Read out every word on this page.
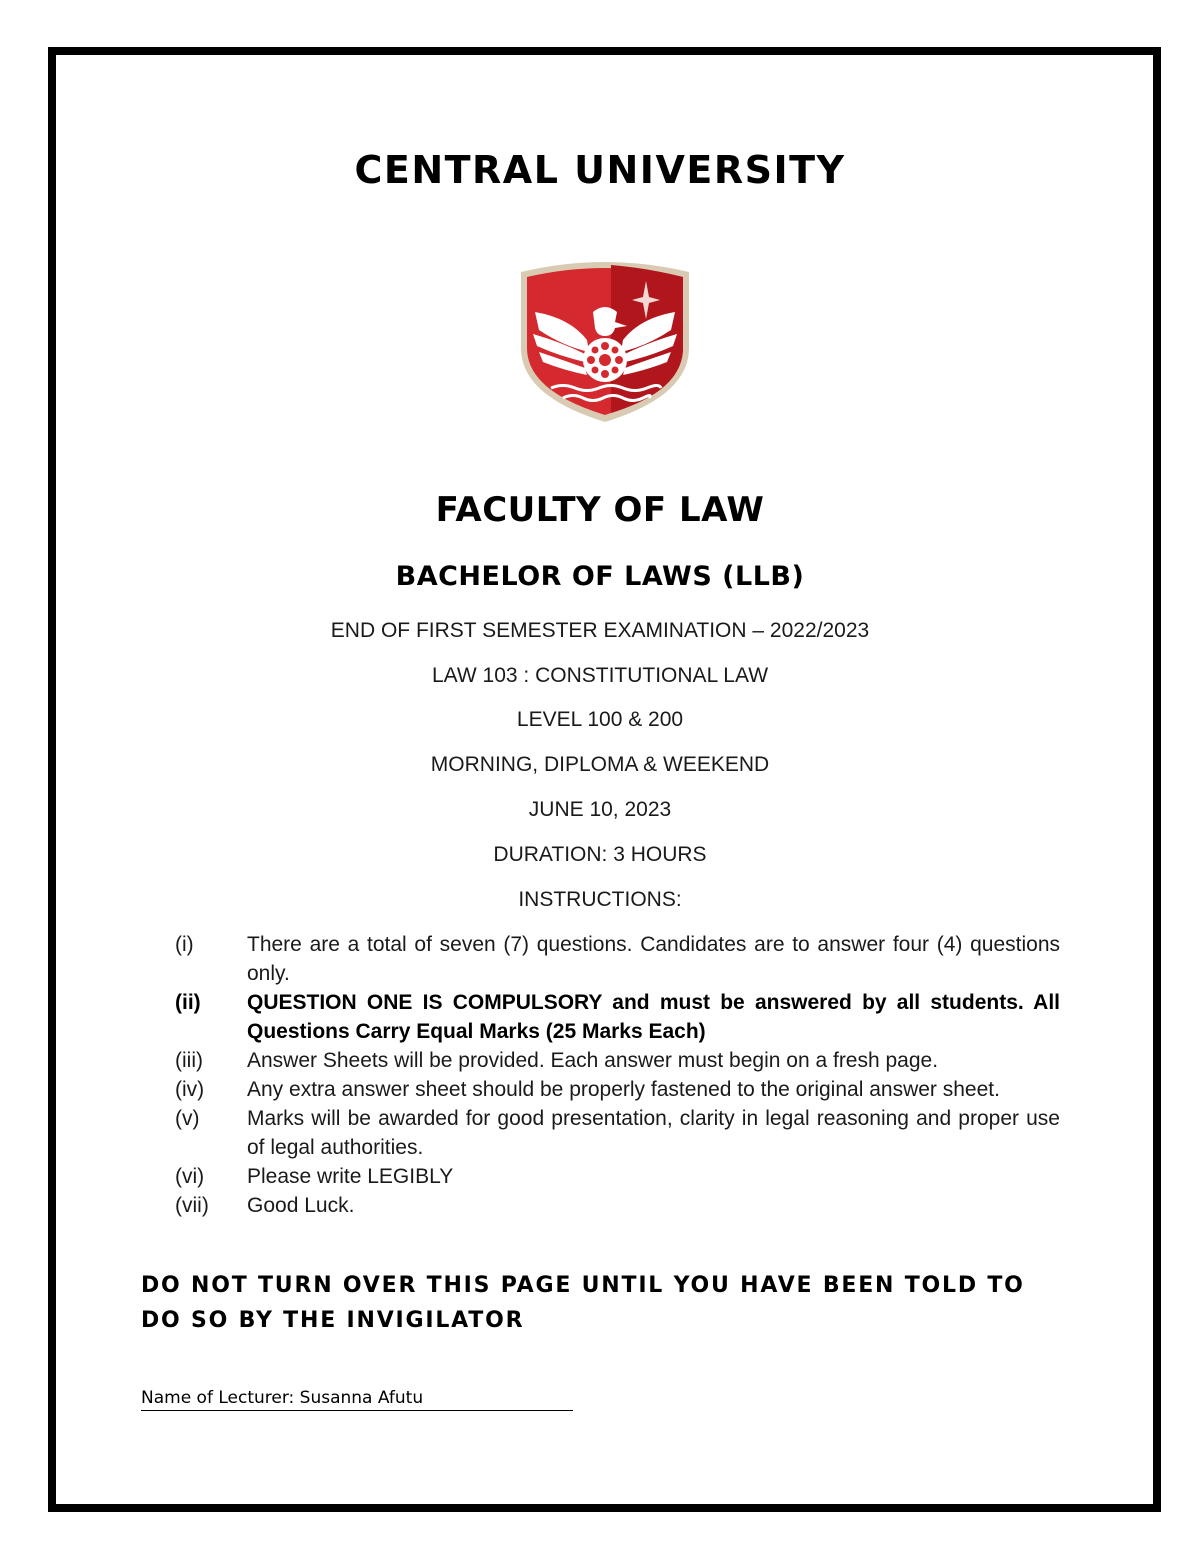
CENTRAL UNIVERSITY
FACULTY OF LAW
BACHELOR OF LAWS (LLB)
END OF FIRST SEMESTER EXAMINATION – 2022/2023
LAW 103 : CONSTITUTIONAL LAW
LEVEL 100 & 200
MORNING, DIPLOMA & WEEKEND
JUNE 10, 2023
DURATION: 3 HOURS
INSTRUCTIONS:
(i)	There are a total of seven (7) questions. Candidates are to answer four (4) questions only.
(ii)	QUESTION ONE IS COMPULSORY and must be answered by all students. All Questions Carry Equal Marks (25 Marks Each)
(iii)	Answer Sheets will be provided. Each answer must begin on a fresh page.
(iv)	Any extra answer sheet should be properly fastened to the original answer sheet.
(v)	Marks will be awarded for good presentation, clarity in legal reasoning and proper use of legal authorities.
(vi)	Please write LEGIBLY
(vii)	Good Luck.
DO NOT TURN OVER THIS PAGE UNTIL YOU HAVE BEEN TOLD TO DO SO BY THE INVIGILATOR
Name of Lecturer: Susanna Afutu
